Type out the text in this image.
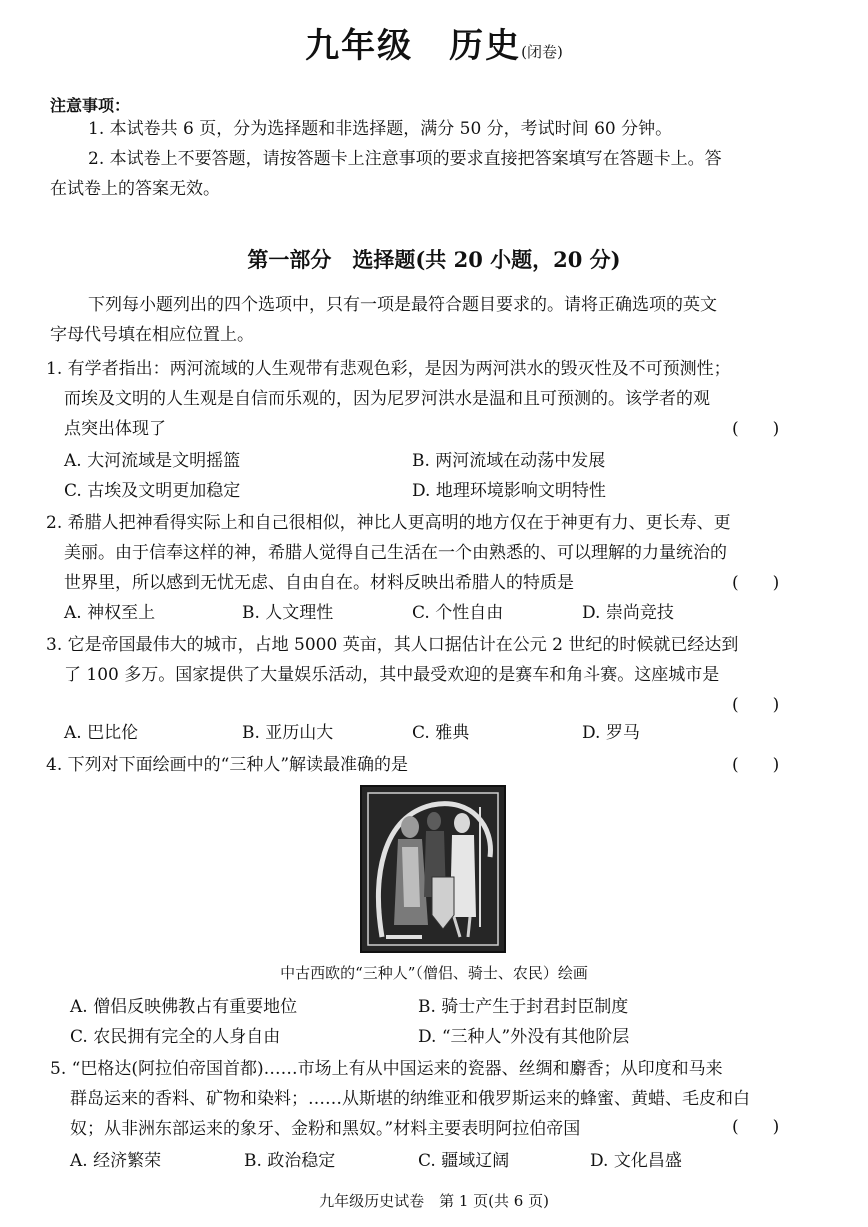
九年级　历史(闭卷)
注意事项：
1. 本试卷共 6 页，分为选择题和非选择题，满分 50 分，考试时间 60 分钟。
2. 本试卷上不要答题，请按答题卡上注意事项的要求直接把答案填写在答题卡上。答
在试卷上的答案无效。
第一部分　选择题(共 20 小题，20 分)
下列每小题列出的四个选项中，只有一项是最符合题目要求的。请将正确选项的英文
字母代号填在相应位置上。
1. 有学者指出：两河流域的人生观带有悲观色彩，是因为两河洪水的毁灭性及不可预测性；
而埃及文明的人生观是自信而乐观的，因为尼罗河洪水是温和且可预测的。该学者的观
点突出体现了	(　　)
A. 大河流域是文明摇篮	B. 两河流域在动荡中发展
C. 古埃及文明更加稳定	D. 地理环境影响文明特性
2. 希腊人把神看得实际上和自己很相似，神比人更高明的地方仅在于神更有力、更长寿、更
美丽。由于信奉这样的神，希腊人觉得自己生活在一个由熟悉的、可以理解的力量统治的
世界里，所以感到无忧无虑、自由自在。材料反映出希腊人的特质是	(　　)
A. 神权至上	B. 人文理性	C. 个性自由	D. 崇尚竞技
3. 它是帝国最伟大的城市，占地 5000 英亩，其人口据估计在公元 2 世纪的时候就已经达到
了 100 多万。国家提供了大量娱乐活动，其中最受欢迎的是赛车和角斗赛。这座城市是
(　　)
A. 巴比伦	B. 亚历山大	C. 雅典	D. 罗马
4. 下列对下面绘画中的“三种人”解读最准确的是	(　　)
中古西欧的“三种人”（僧侣、骑士、农民）绘画
A. 僧侣反映佛教占有重要地位	B. 骑士产生于封君封臣制度
C. 农民拥有完全的人身自由	D. “三种人”外没有其他阶层
5. “巴格达(阿拉伯帝国首都)……市场上有从中国运来的瓷器、丝绸和麝香；从印度和马来
群岛运来的香料、矿物和染料；……从斯堪的纳维亚和俄罗斯运来的蜂蜜、黄蜡、毛皮和白
奴；从非洲东部运来的象牙、金粉和黑奴。”材料主要表明阿拉伯帝国	(　　)
A. 经济繁荣	B. 政治稳定	C. 疆域辽阔	D. 文化昌盛
九年级历史试卷　第 1 页(共 6 页)
